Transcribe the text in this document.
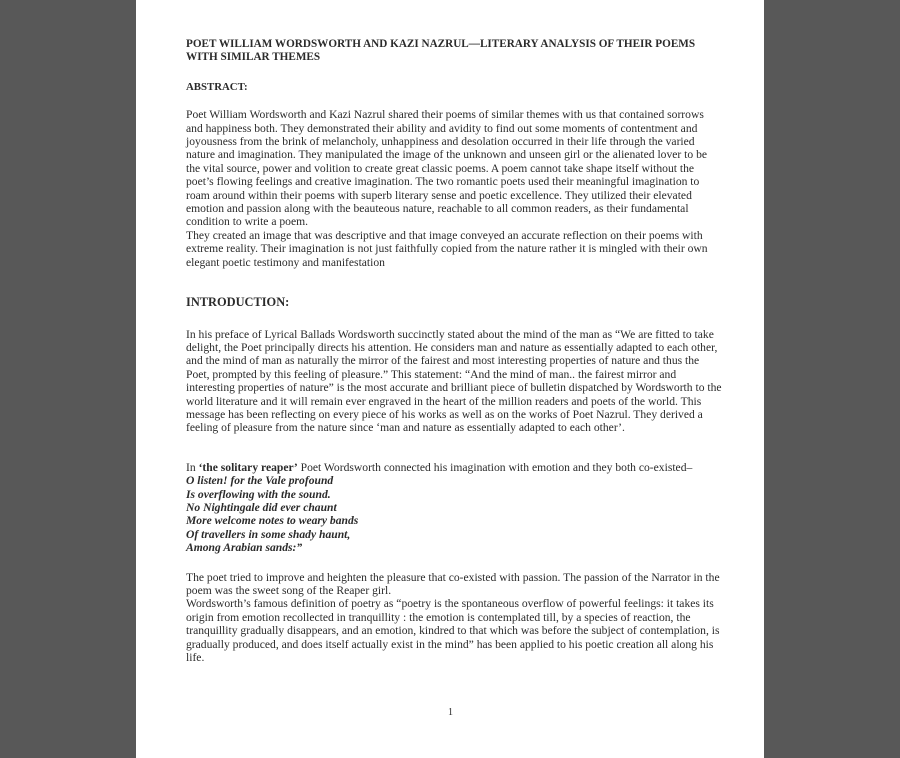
POET WILLIAM WORDSWORTH AND KAZI NAZRUL—LITERARY ANALYSIS OF THEIR POEMS WITH SIMILAR THEMES

ABSTRACT:

Poet William Wordsworth and Kazi Nazrul shared their poems of similar themes with us that contained sorrows and happiness both. They demonstrated their ability and avidity to find out some moments of contentment and joyousness from the brink of melancholy, unhappiness and desolation occurred in their life through the varied nature and imagination. They manipulated the image of the unknown and unseen girl or the alienated lover to be the vital source, power and volition to create great classic poems. A poem cannot take shape itself without the poet’s flowing feelings and creative imagination. The two romantic poets used their meaningful imagination to roam around within their poems with superb literary sense and poetic excellence. They utilized their elevated emotion and passion along with the beauteous nature, reachable to all common readers, as their fundamental condition to write a poem.

They created an image that was descriptive and that image conveyed an accurate reflection on their poems with extreme reality. Their imagination is not just faithfully copied from the nature rather it is mingled with their own elegant poetic testimony and manifestation

INTRODUCTION:

In his preface of Lyrical Ballads Wordsworth succinctly stated about the mind of the man as “We are fitted to take delight, the Poet principally directs his attention. He considers man and nature as essentially adapted to each other, and the mind of man as naturally the mirror of the fairest and most interesting properties of nature and thus the Poet, prompted by this feeling of pleasure.” This statement: “And the mind of man.. the fairest mirror and interesting properties of nature” is the most accurate and brilliant piece of bulletin dispatched by Wordsworth to the world literature and it will remain ever engraved in the heart of the million readers and poets of the world. This message has been reflecting on every piece of his works as well as on the works of Poet Nazrul. They derived a feeling of pleasure from the nature since ‘man and nature as essentially adapted to each other’.

In ‘the solitary reaper’ Poet Wordsworth connected his imagination with emotion and they both co-existed–

O listen! for the Vale profound
Is overflowing with the sound.
No Nightingale did ever chaunt
More welcome notes to weary bands
Of travellers in some shady haunt,
Among Arabian sands:”

The poet tried to improve and heighten the pleasure that co-existed with passion. The passion of the Narrator in the poem was the sweet song of the Reaper girl.

Wordsworth’s famous definition of poetry as “poetry is the spontaneous overflow of powerful feelings: it takes its origin from emotion recollected in tranquillity : the emotion is contemplated till, by a species of reaction, the tranquillity gradually disappears, and an emotion, kindred to that which was before the subject of contemplation, is gradually produced, and does itself actually exist in the mind” has been applied to his poetic creation all along his life.

1
